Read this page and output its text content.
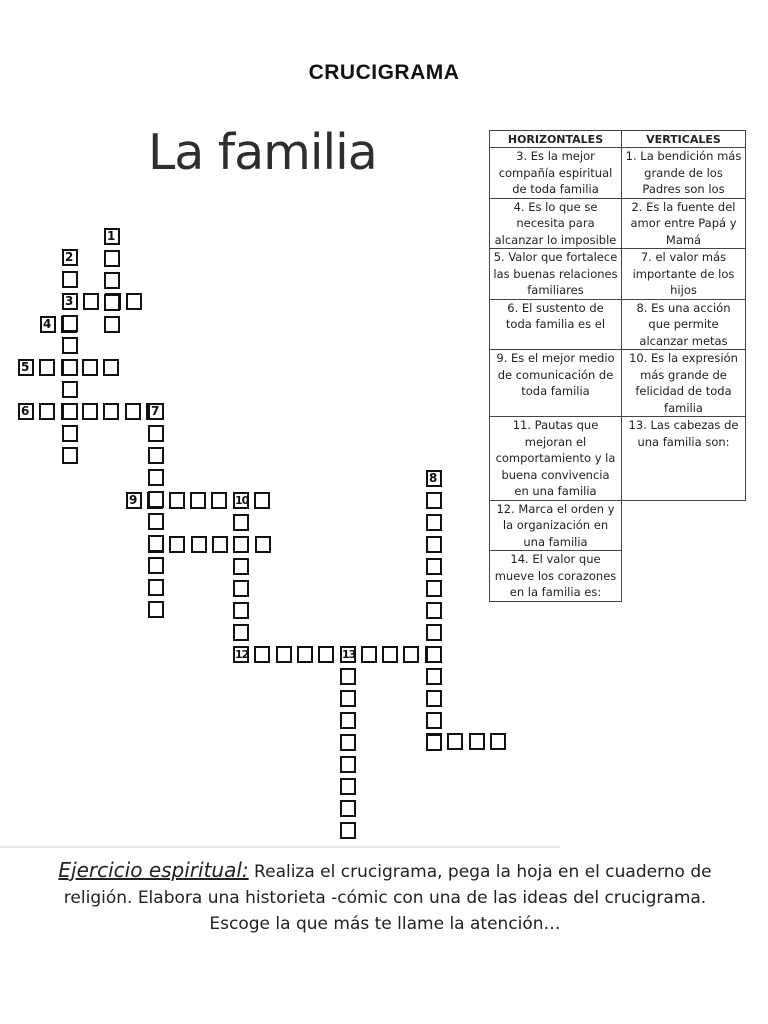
CRUCIGRAMA
La familia	HORIZONTALES	VERTICALES
3. Es la mejor compañía espiritual de toda familia	1. La bendición más grande de los Padres son los
4. Es lo que se necesita para alcanzar lo imposible	2. Es la fuente del amor entre Papá y Mamá
5. Valor que fortalece las buenas relaciones familiares	7. el valor más importante de los hijos
6. El sustento de toda familia es el	8. Es una acción que permite alcanzar metas
9. Es el mejor medio de comunicación de toda familia	10. Es la expresión más grande de felicidad de toda familia
11. Pautas que mejoran el comportamiento y la buena convivencia en una familia	13. Las cabezas de una familia son:
12. Marca el orden y la organización en una familia	
14. El valor que mueve los corazones en la familia es:	
3
4
5
6
9
12
1
2
7
8
10
13
Ejercicio espiritual: Realiza el crucigrama, pega la hoja en el cuaderno de religión. Elabora una historieta -cómic con una de las ideas del crucigrama. Escoge la que más te llame la atención…
